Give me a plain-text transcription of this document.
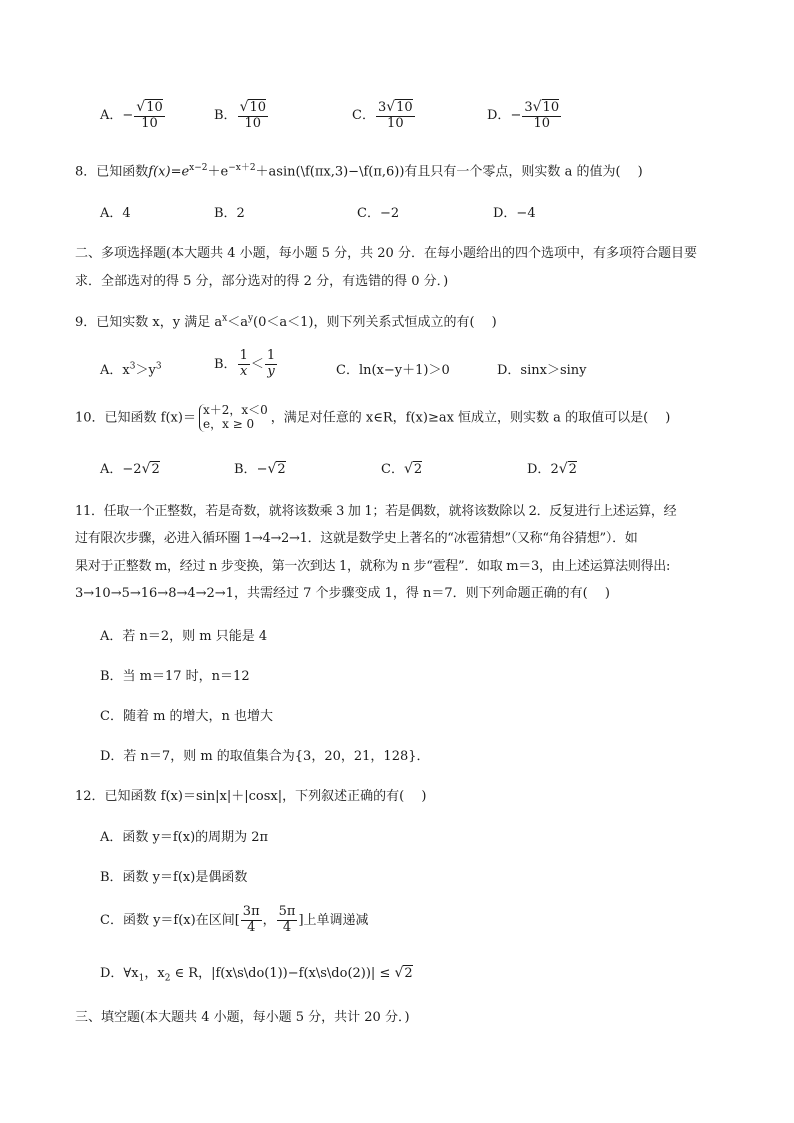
A．− $\frac{√10}{10}$	B． $\frac{√10}{10}$	C． $\frac{3√10}{10}$	D．− $\frac{3√10}{10}$
8．已知函数$f(x)=e^{x-2}+e^{-x+2}+asin(\backslash f(\pi x,3)-\backslash f(\pi,6))$有且只有一个零点，则实数 a 的值为(　 )
A．4	B．2	C．−2	D．−4
二、多项选择题(本大题共 4 小题，每小题 5 分，共 20 分．在每小题给出的四个选项中，有多项符合题目要
求．全部选对的得 5 分，部分选对的得 2 分，有选错的得 0 分．)
9．已知实数 x，y 满足 $a^x<a^y(0<a<1)$，则下列关系式恒成立的有(　 )
A．$x^3>y^3$	B． $\frac{1}{x} < \frac{1}{y}$	C．ln(x−y＋1)＞0	D．sinx＞siny
10．已知函数 f(x)＝
x＋2，x＜0
e，x ≥ 0	，满足对任意的 x∈R，f(x)≥ax 恒成立，则实数 a 的取值可以是(　 )
A．−2√2	B．−√2	C．√2	D．2√2
11．任取一个正整数，若是奇数，就将该数乘 3 加 1；若是偶数，就将该数除以 2．反复进行上述运算，经
过有限次步骤，必进入循环圈 1→4→2→1．这就是数学史上著名的“冰雹猜想”（又称“角谷猜想”）．如
果对于正整数 m，经过 n 步变换，第一次到达 1，就称为 n 步“雹程”．如取 m＝3，由上述运算法则得出:
3→10→5→16→8→4→2→1，共需经过 7 个步骤变成 1，得 n＝7．则下列命题正确的有(　 )
A．若 n＝2，则 m 只能是 4
B．当 m＝17 时，n＝12
C．随着 m 的增大，n 也增大
D．若 n＝7，则 m 的取值集合为{3，20，21，128}．
12．已知函数 f(x)＝sin|x|＋|cosx|，下列叙述正确的有(　 )
A．函数 y＝f(x)的周期为 2π
B．函数 y＝f(x)是偶函数
C．函数 y＝f(x)在区间[ $\frac{3\pi}{4}$ ， $\frac{5\pi}{4}$ ]上单调递减
D．$\forall x_1$，$x_2$ ∈ R，|f(x\s\do(1))−f(x\s\do(2))| ≤ √2
三、填空题(本大题共 4 小题，每小题 5 分，共计 20 分．)
